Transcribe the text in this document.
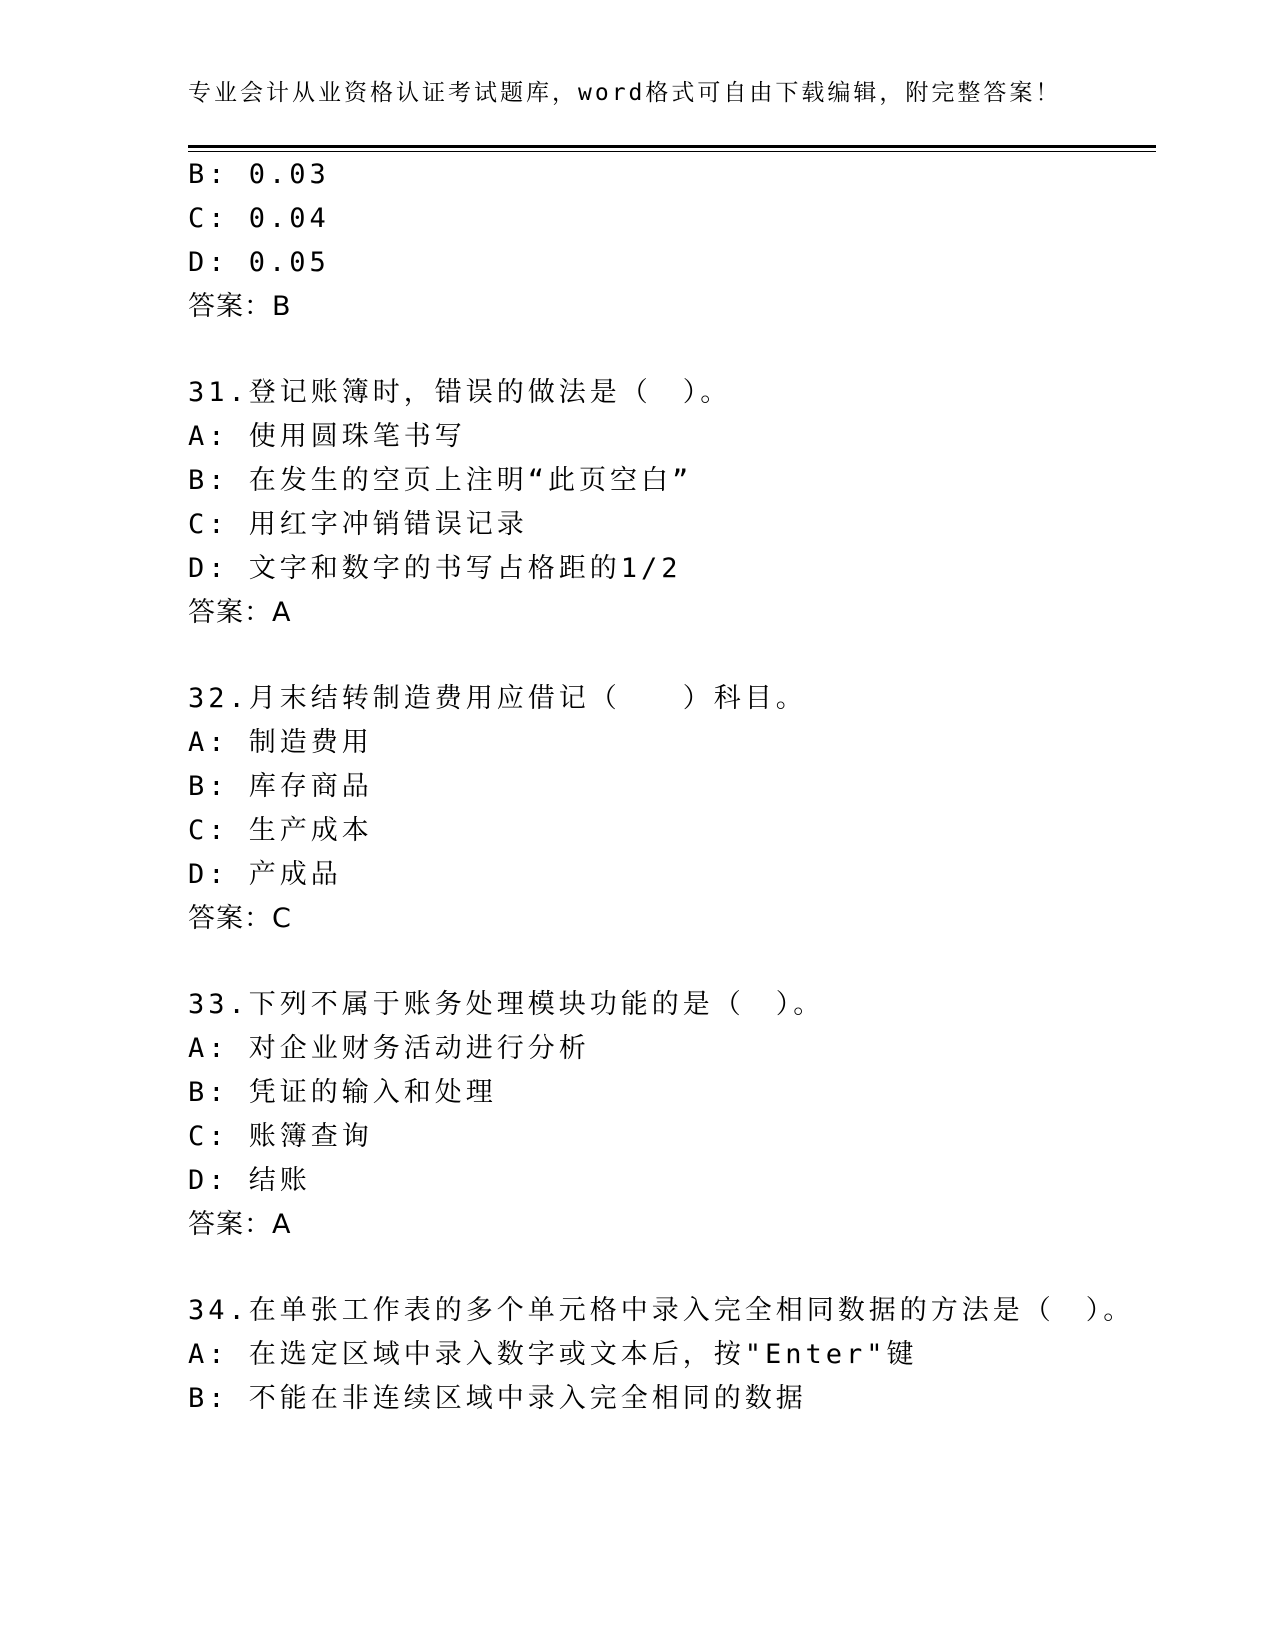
专业会计从业资格认证考试题库，word格式可自由下载编辑，附完整答案！
B: 0.03
C: 0.04
D: 0.05
答案：B
31.登记账簿时，错误的做法是（　）。
A: 使用圆珠笔书写
B: 在发生的空页上注明“此页空白”
C: 用红字冲销错误记录
D: 文字和数字的书写占格距的1/2
答案：A
32.月末结转制造费用应借记（　　）科目。
A: 制造费用
B: 库存商品
C: 生产成本
D: 产成品
答案：C
33.下列不属于账务处理模块功能的是（　）。
A: 对企业财务活动进行分析
B: 凭证的输入和处理
C: 账簿查询
D: 结账
答案：A
34.在单张工作表的多个单元格中录入完全相同数据的方法是（　）。
A: 在选定区域中录入数字或文本后，按"Enter"键
B: 不能在非连续区域中录入完全相同的数据
